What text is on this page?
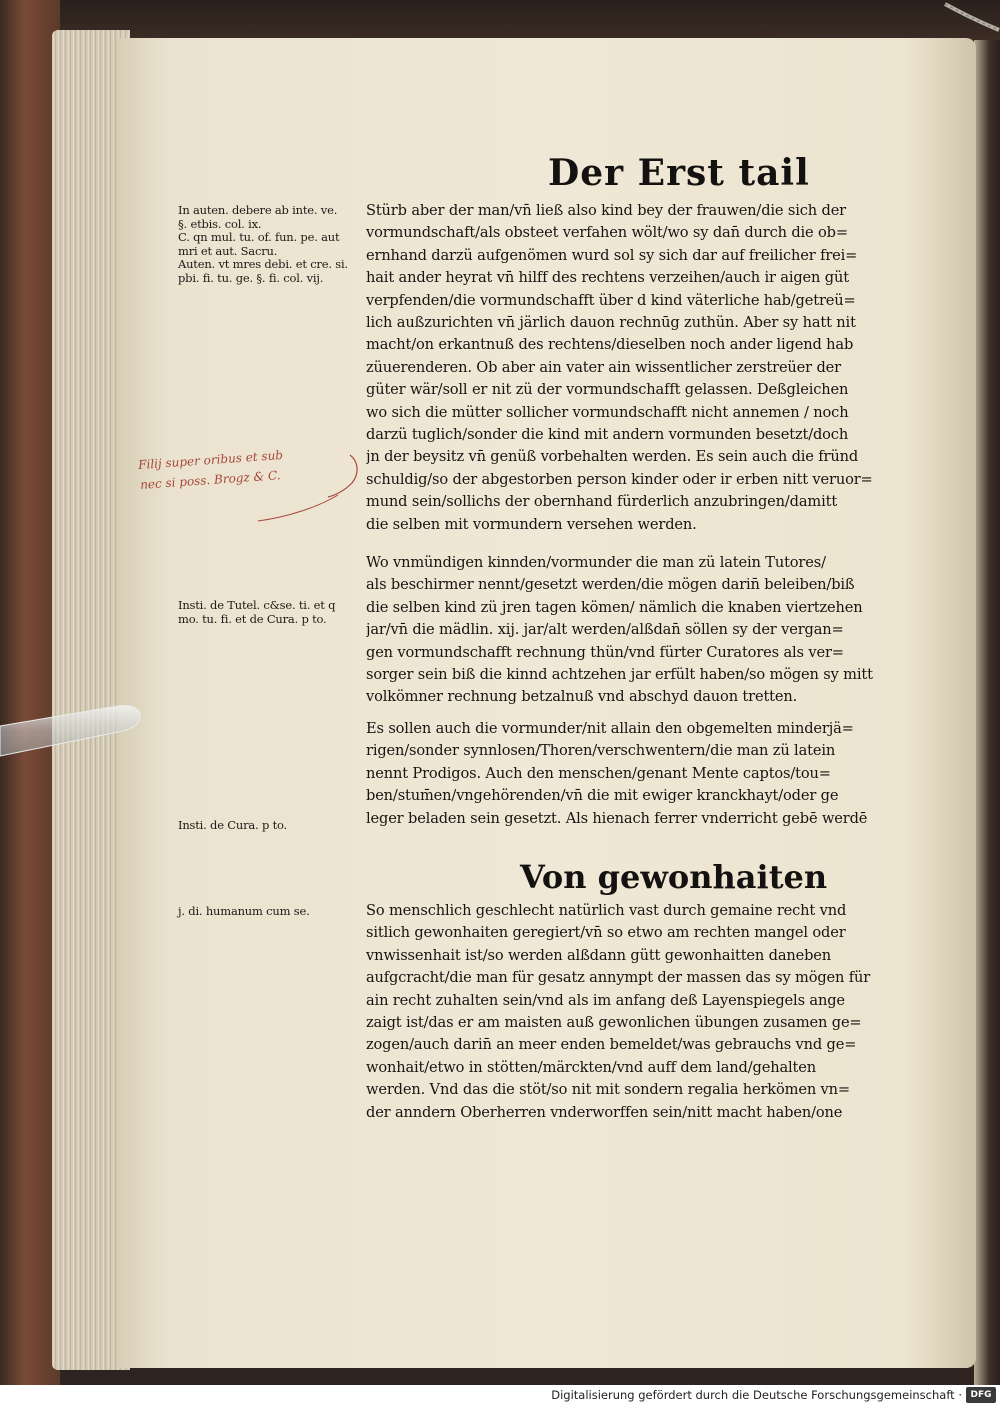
Der Erst tail
In auten. debere ab inte. ve.
§. etbis. col. ix.
C. qn mul. tu. of. fun. pe. aut
mri et aut. Sacru.
Auten. vt mres debi. et cre. si.
pbi. fi. tu. ge. §. fi. col. vij.
Insti. de Tutel. c&se. ti. et q
mo. tu. fi. et de Cura. p to.
Insti. de Cura. p to.
j. di. humanum cum se.
Filij super oribus et sub
nec si poss. Brogz & C.
Stürb aber der man/vn̄ ließ also kind bey der frauwen/die sich der
vormundschaft/als obsteet verfahen wölt/wo sy dan̄ durch die ob=
ernhand darzü aufgenömen wurd sol sy sich dar auf freilicher frei=
hait ander heyrat vn̄ hilff des rechtens verzeihen/auch ir aigen güt
verpfenden/die vormundschafft über d kind väterliche hab/getreü=
lich außzurichten vn̄ järlich dauon rechnūg zuthün. Aber sy hatt nit
macht/on erkantnuß des rechtens/dieselben noch ander ligend hab
züuerenderen. Ob aber ain vater ain wissentlicher zerstreüer der
güter wär/soll er nit zü der vormundschafft gelassen. Deßgleichen
wo sich die mütter sollicher vormundschafft nicht annemen / noch
darzü tuglich/sonder die kind mit andern vormunden besetzt/doch
jn der beysitz vn̄ genüß vorbehalten werden. Es sein auch die fründ
schuldig/so der abgestorben person kinder oder ir erben nitt veruor=
mund sein/sollichs der obernhand fürderlich anzubringen/damitt
die selben mit vormundern versehen werden.
Wo vnmündigen kinnden/vormunder die man zü latein Tutores/
als beschirmer nennt/gesetzt werden/die mögen darin̄ beleiben/biß
die selben kind zü jren tagen kömen/ nämlich die knaben viertzehen
jar/vn̄ die mädlin. xij. jar/alt werden/alßdan̄ söllen sy der vergan=
gen vormundschafft rechnung thün/vnd fürter Curatores als ver=
sorger sein biß die kinnd achtzehen jar erfült haben/so mögen sy mitt
volkömner rechnung betzalnuß vnd abschyd dauon tretten.
Es sollen auch die vormunder/nit allain den obgemelten minderjä=
rigen/sonder synnlosen/Thoren/verschwentern/die man zü latein
nennt Prodigos. Auch den menschen/genant Mente captos/tou=
ben/stum̄en/vngehörenden/vn̄ die mit ewiger kranckhayt/oder ge
leger beladen sein gesetzt. Als hienach ferrer vnderricht gebē werdē
Von gewonhaiten
So menschlich geschlecht natürlich vast durch gemaine recht vnd
sitlich gewonhaiten geregiert/vn̄ so etwo am rechten mangel oder
vnwissenhait ist/so werden alßdann gütt gewonhaitten daneben
aufgcracht/die man für gesatz annympt der massen das sy mögen für
ain recht zuhalten sein/vnd als im anfang deß Layenspiegels ange
zaigt ist/das er am maisten auß gewonlichen übungen zusamen ge=
zogen/auch darin̄ an meer enden bemeldet/was gebrauchs vnd ge=
wonhait/etwo in stötten/märckten/vnd auff dem land/gehalten
werden. Vnd das die stöt/so nit mit sondern regalia herkömen vn=
der anndern Oberherren vnderworffen sein/nitt macht haben/one
Digitalisierung gefördert durch die Deutsche Forschungsgemeinschaft · DFG
